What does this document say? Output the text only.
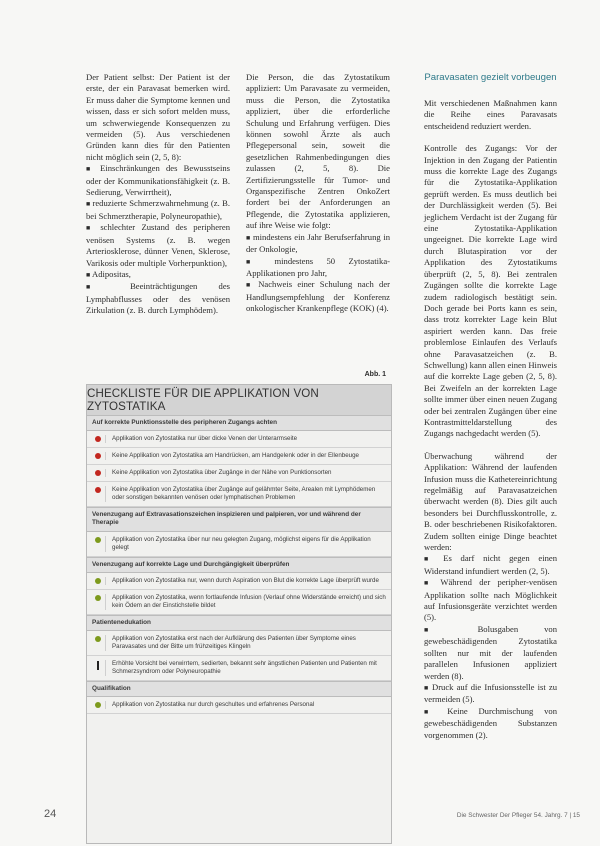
Der Patient selbst: Der Patient ist der erste, der ein Paravasat bemerken wird. Er muss daher die Symptome kennen und wissen, dass er sich sofort melden muss, um schwerwiegende Konsequenzen zu vermeiden (5). Aus verschiedenen Gründen kann dies für den Patienten nicht möglich sein (2, 5, 8):

■ Einschränkungen des Bewusstseins oder der Kommunikationsfähigkeit (z. B. Sedierung, Verwirrtheit),

■ reduzierte Schmerzwahrnehmung (z. B. bei Schmerztherapie, Polyneuropathie),

■ schlechter Zustand des peripheren venösen Systems (z. B. wegen Arteriosklerose, dünner Venen, Sklerose, Varikosis oder multiple Vorherpunktion),

■ Adipositas,

■ Beeinträchtigungen des Lymphabflusses oder des venösen Zirkulation (z. B. durch Lymphödem).

Die Person, die das Zytostatikum appliziert: Um Paravasate zu vermeiden, muss die Person, die Zytostatika appliziert, über die erforderliche Schulung und Erfahrung verfügen. Dies können sowohl Ärzte als auch Pflegepersonal sein, soweit die gesetzlichen Rahmenbedingungen dies zulassen (2, 5, 8). Die Zertifizierungsstelle für Tumor- und Organspezifische Zentren OnkoZert fordert bei der Anforderungen an Pflegende, die Zytostatika applizieren, auf ihre Weise wie folgt:

■ mindestens ein Jahr Berufserfahrung in der Onkologie,

■ mindestens 50 Zytostatika-Applikationen pro Jahr,

■ Nachweis einer Schulung nach der Handlungsempfehlung der Konferenz onkologischer Krankenpflege (KOK) (4).

Paravasaten gezielt vorbeugen

Mit verschiedenen Maßnahmen kann die Reihe eines Paravasats entscheidend reduziert werden.

Kontrolle des Zugangs: Vor der Injektion in den Zugang der Patientin muss die korrekte Lage des Zugangs für die Zytostatika-Applikation geprüft werden. Es muss deutlich bei der Durchlässigkeit werden (5). Bei jeglichem Verdacht ist der Zugang für eine Zytostatika-Applikation ungeeignet. Die korrekte Lage wird durch Blutaspiration vor der Applikation des Zytostatikums überprüft (2, 5, 8). Bei zentralen Zugängen sollte die korrekte Lage zudem radiologisch bestätigt sein. Doch gerade bei Ports kann es sein, dass trotz korrekter Lage kein Blut aspiriert werden kann. Das freie problemlose Einlaufen des Verlaufs ohne Paravasatzeichen (z. B. Schwellung) kann allen einen Hinweis auf die korrekte Lage geben (2, 5, 8). Bei Zweifeln an der korrekten Lage sollte immer über einen neuen Zugang oder bei zentralen Zugängen über eine Kontrastmitteldarstellung des Zugangs nachgedacht werden (5).

Überwachung während der Applikation: Während der laufenden Infusion muss die Kathetereinrichtung regelmäßig auf Paravasatzeichen überwacht werden (8). Dies gilt auch besonders bei Durchflusskontrolle, z. B. oder beschriebenen Risikofaktoren. Zudem sollten einige Dinge beachtet werden:

■ Es darf nicht gegen einen Widerstand infundiert werden (2, 5).

■ Während der peripher-venösen Applikation sollte nach Möglichkeit auf Infusionsgeräte verzichtet werden (5).

■ Bolusgaben von gewebeschädigenden Zytostatika sollten nur mit der laufenden parallelen Infusionen appliziert werden (8).

■ Druck auf die Infusionsstelle ist zu vermeiden (5).

■ Keine Durchmischung von gewebeschädigenden Substanzen vorgenommen (2).

Abb. 1
CHECKLISTE FÜR DIE APPLIKATION VON ZYTOSTATIKA
Auf korrekte Punktionsstelle des peripheren Zugangs achten
Applikation von Zytostatika nur über dicke Venen der Unterarmseite
Keine Applikation von Zytostatika am Handrücken, am Handgelenk oder in der Ellenbeuge
Keine Applikation von Zytostatika über Zugänge in der Nähe von Punktionsorten
Keine Applikation von Zytostatika über Zugänge auf gelähmter Seite, Arealen mit Lymphödemen oder sonstigen bekannten venösen oder lymphatischen Problemen
Venenzugang auf Extravasationszeichen inspizieren und palpieren, vor und während der Therapie
Applikation von Zytostatika über nur neu gelegten Zugang, möglichst eigens für die Applikation gelegt
Venenzugang auf korrekte Lage und Durchgängigkeit überprüfen
Applikation von Zytostatika nur, wenn durch Aspiration von Blut die korrekte Lage überprüft wurde
Applikation von Zytostatika, wenn fortlaufende Infusion (Verlauf ohne Widerstände erreicht) und sich kein Ödem an der Einstichstelle bildet
Patientenedukation
Applikation von Zytostatika erst nach der Aufklärung des Patienten über Symptome eines Paravasates und der Bitte um frühzeitiges Klingeln
Erhöhte Vorsicht bei verwirrtem, sedierten, bekannt sehr ängstlichen Patienten und Patienten mit Schmerzsyndrom oder Polyneuropathie
Qualifikation
Applikation von Zytostatika nur durch geschultes und erfahrenes Personal
24	Die Schwester Der Pfleger 54. Jahrg. 7 | 15
